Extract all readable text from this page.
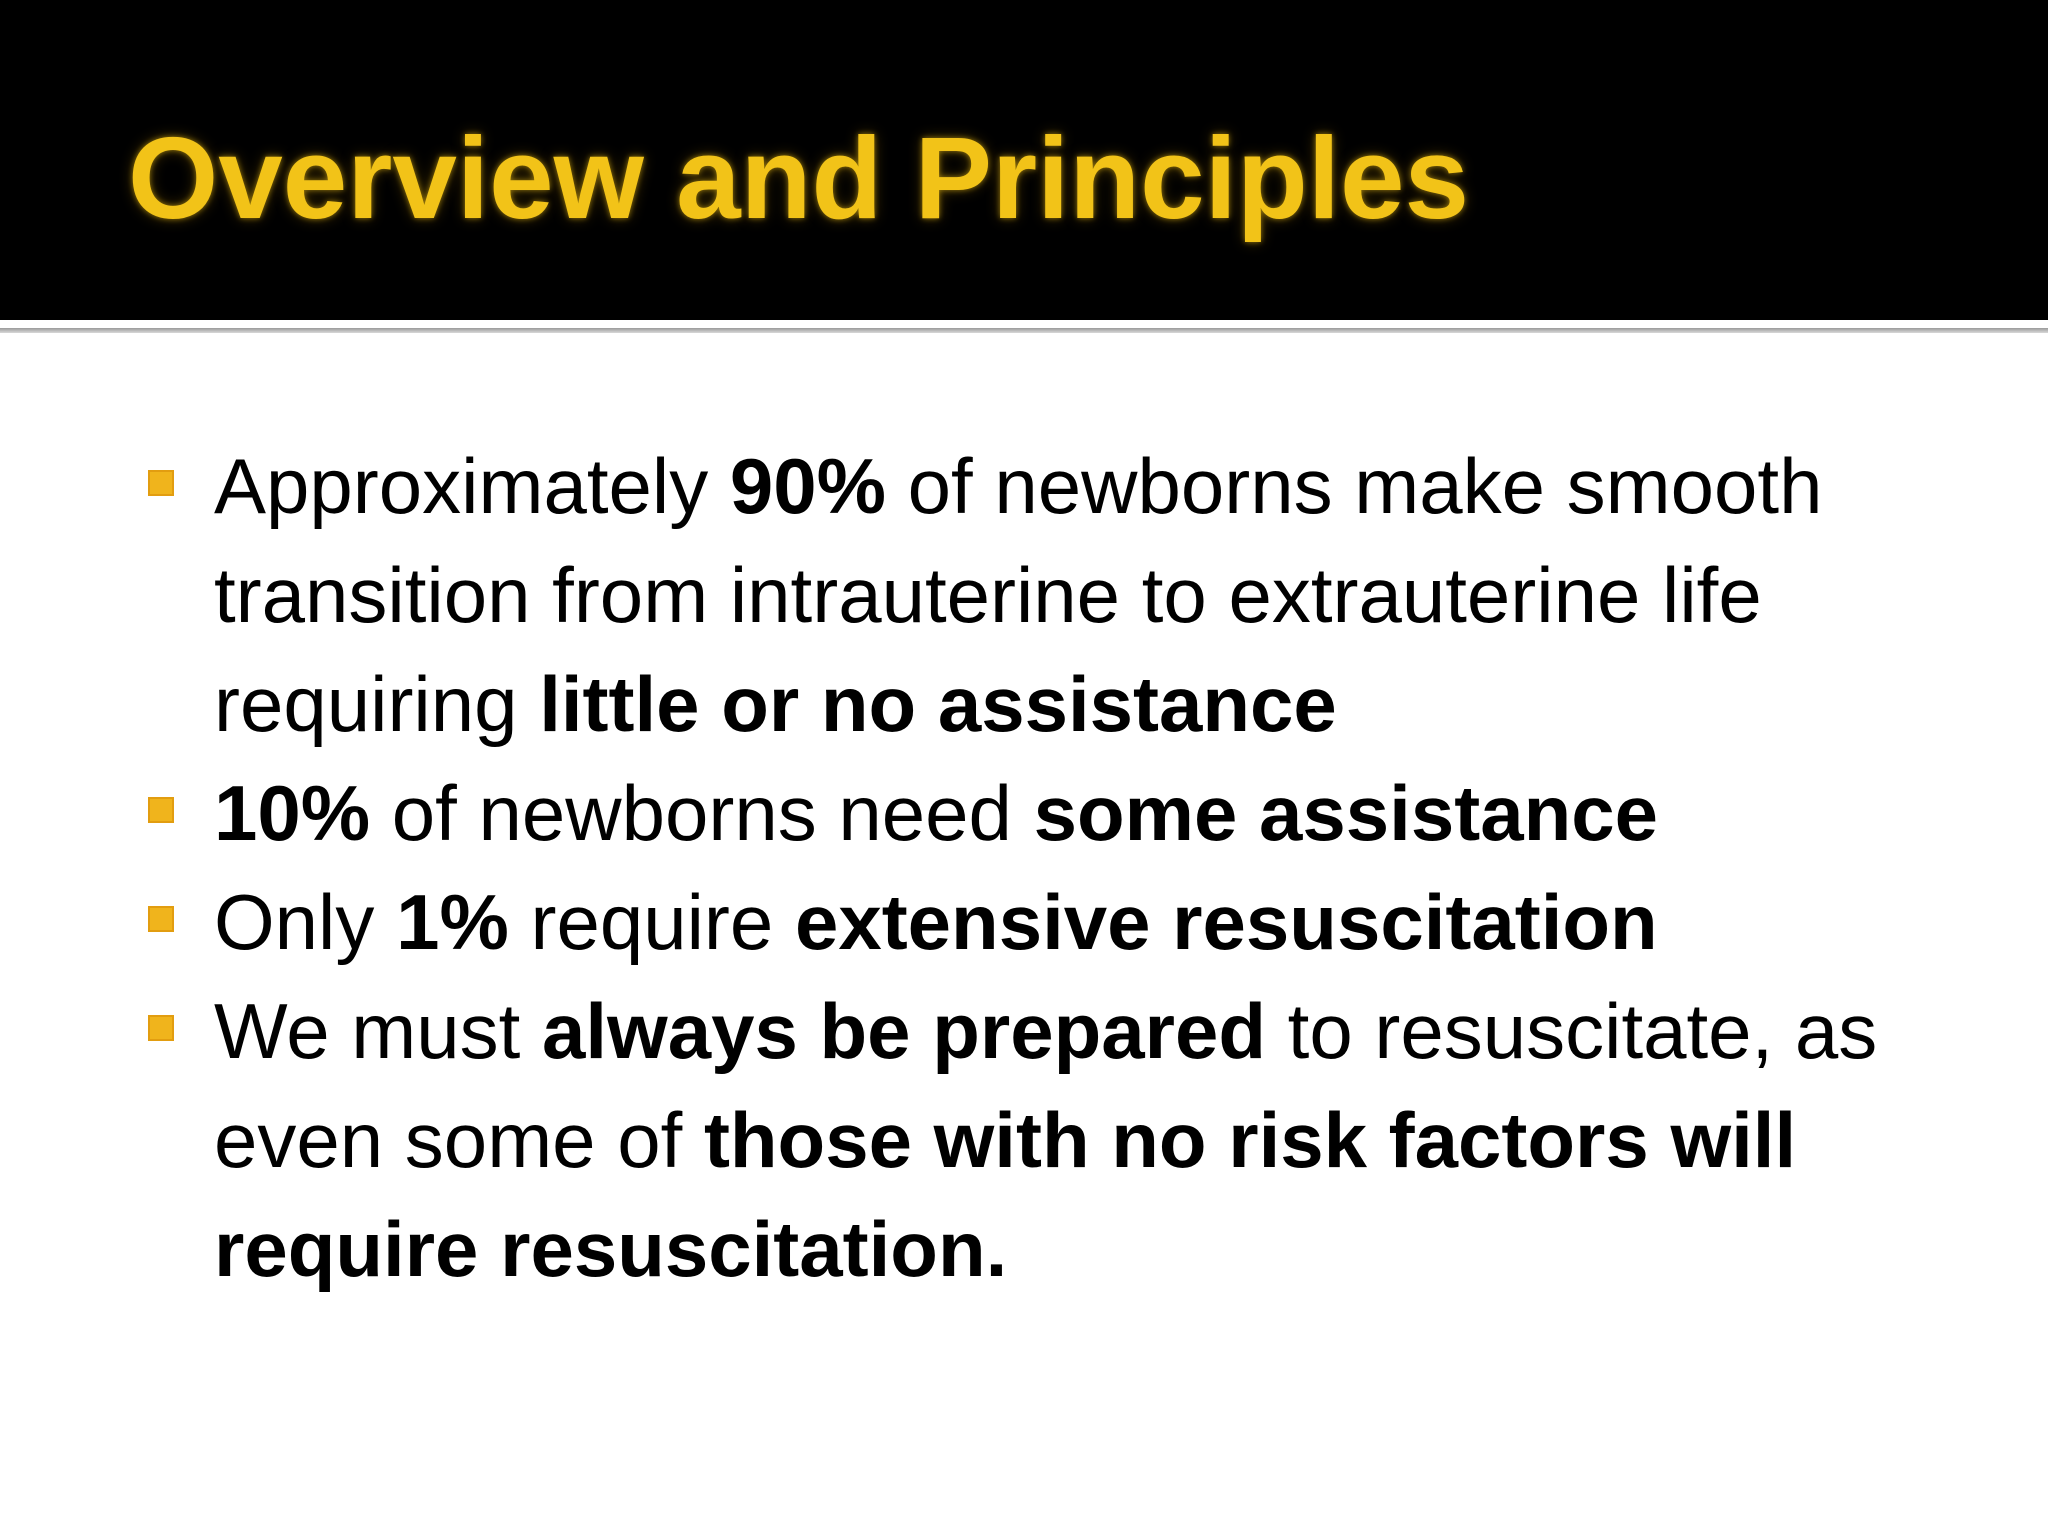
Overview and Principles
Approximately 90% of newborns make smooth transition from intrauterine to extrauterine life requiring little or no assistance
10% of newborns need some assistance
Only 1% require extensive resuscitation
We must always be prepared to resuscitate, as even some of those with no risk factors will require resuscitation.
